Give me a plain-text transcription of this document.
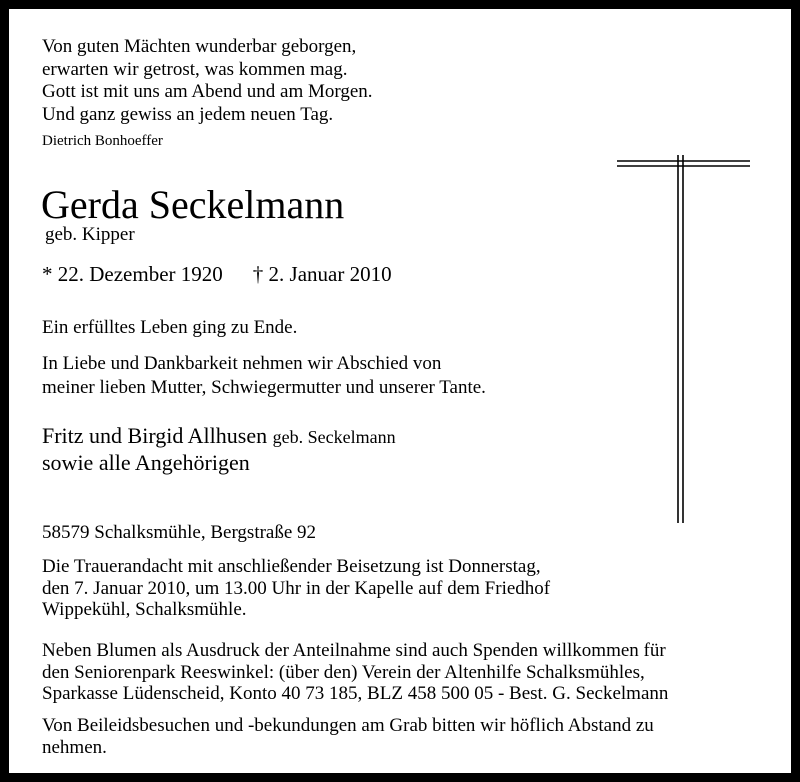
Von guten Mächten wunderbar geborgen,
erwarten wir getrost, was kommen mag.
Gott ist mit uns am Abend und am Morgen.
Und ganz gewiss an jedem neuen Tag.
Dietrich Bonhoeffer
Gerda Seckelmann
geb. Kipper
* 22. Dezember 1920 † 2. Januar 2010
Ein erfülltes Leben ging zu Ende.
In Liebe und Dankbarkeit nehmen wir Abschied von
meiner lieben Mutter, Schwiegermutter und unserer Tante.
Fritz und Birgid Allhusen geb. Seckelmann
sowie alle Angehörigen
58579 Schalksmühle, Bergstraße 92
Die Trauerandacht mit anschließender Beisetzung ist Donnerstag,
den 7. Januar 2010, um 13.00 Uhr in der Kapelle auf dem Friedhof
Wippekühl, Schalksmühle.
Neben Blumen als Ausdruck der Anteilnahme sind auch Spenden willkommen für
den Seniorenpark Reeswinkel: (über den) Verein der Altenhilfe Schalksmühles,
Sparkasse Lüdenscheid, Konto 40 73 185, BLZ 458 500 05 - Best. G. Seckelmann
Von Beileidsbesuchen und -bekundungen am Grab bitten wir höflich Abstand zu
nehmen.
